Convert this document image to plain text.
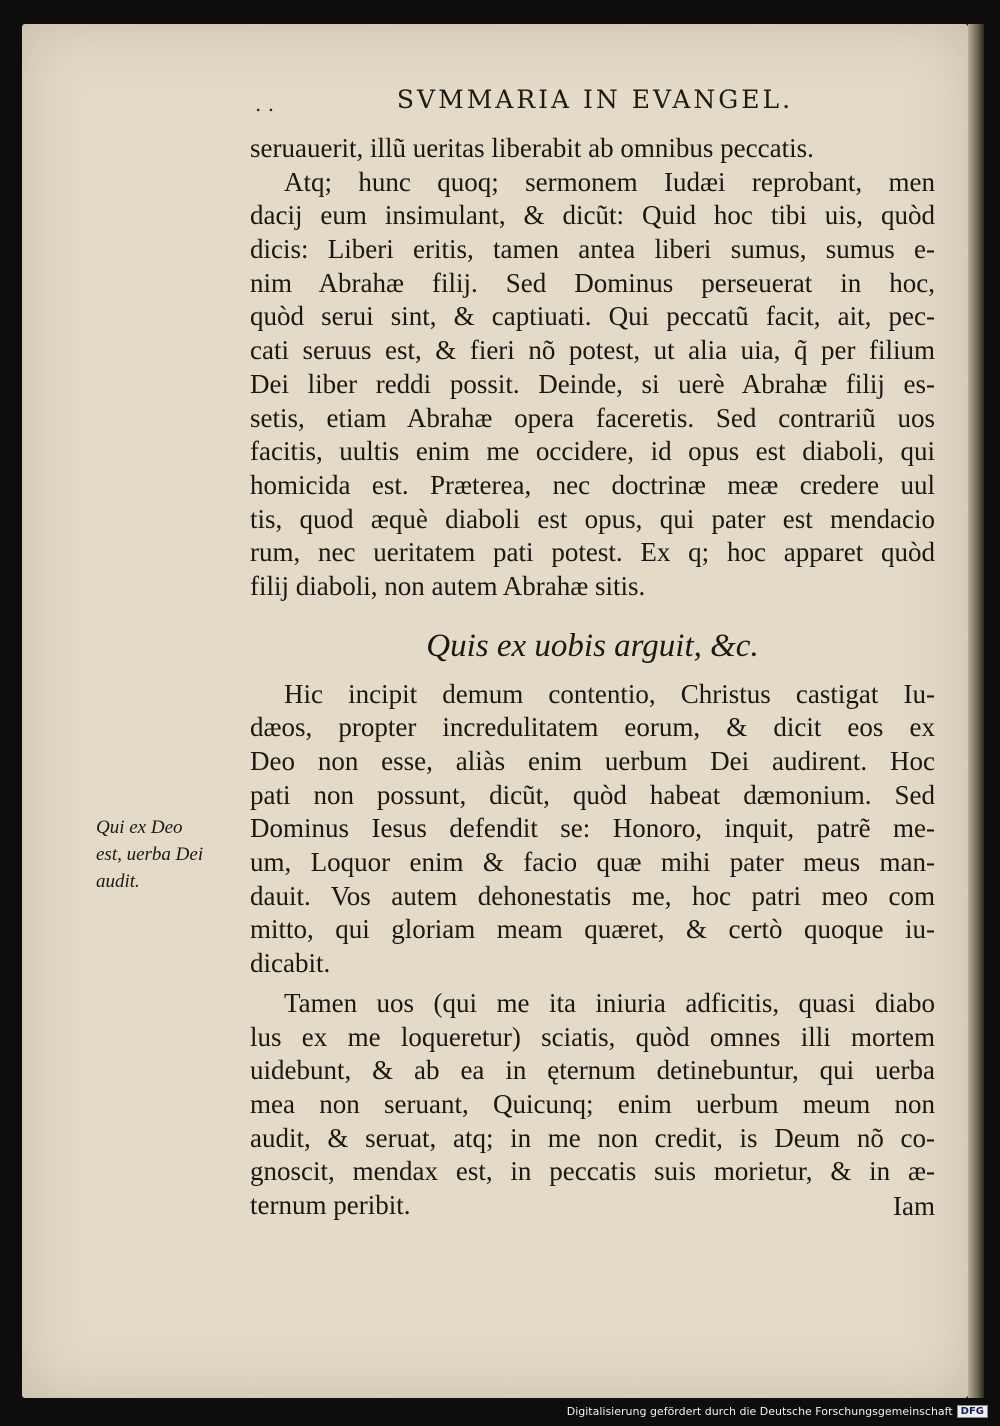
. .	SVMMARIA IN EVANGEL.
seruauerit, illũ ueritas liberabit ab omnibus peccatis.
Atq; hunc quoq; sermonem Iudæi reprobant, men
dacij eum insimulant, & dicũt: Quid hoc tibi uis, quòd
dicis: Liberi eritis, tamen antea liberi sumus, sumus e-
nim Abrahæ filij. Sed Dominus perseuerat in hoc,
quòd serui sint, & captiuati. Qui peccatũ facit, ait, pec-
cati seruus est, & fieri nõ potest, ut alia uia, q̃ per filium
Dei liber reddi possit. Deinde, si uerè Abrahæ filij es-
setis, etiam Abrahæ opera faceretis. Sed contrariũ uos
facitis, uultis enim me occidere, id opus est diaboli, qui
homicida est. Præterea, nec doctrinæ meæ credere uul
tis, quod æquè diaboli est opus, qui pater est mendacio
rum, nec ueritatem pati potest. Ex q; hoc apparet quòd
filij diaboli, non autem Abrahæ sitis.
Quis ex uobis arguit, &c.
Hic incipit demum contentio, Christus castigat Iu-
dæos, propter incredulitatem eorum, & dicit eos ex
Deo non esse, aliàs enim uerbum Dei audirent. Hoc
pati non possunt, dicũt, quòd habeat dæmonium. Sed
Dominus Iesus defendit se: Honoro, inquit, patrẽ me-
um, Loquor enim & facio quæ mihi pater meus man-
dauit. Vos autem dehonestatis me, hoc patri meo com
mitto, qui gloriam meam quæret, & certò quoque iu-
dicabit.
Tamen uos (qui me ita iniuria adficitis, quasi diabo
lus ex me loqueretur) sciatis, quòd omnes illi mortem
uidebunt, & ab ea in ęternum detinebuntur, qui uerba
mea non seruant, Quicunq; enim uerbum meum non
audit, & seruat, atq; in me non credit, is Deum nõ co-
gnoscit, mendax est, in peccatis suis morietur, & in æ-
ternum peribit.	Iam
Qui ex Deo
est, uerba Dei
audit.
Digitalisierung gefördert durch die Deutsche Forschungsgemeinschaft DFG
